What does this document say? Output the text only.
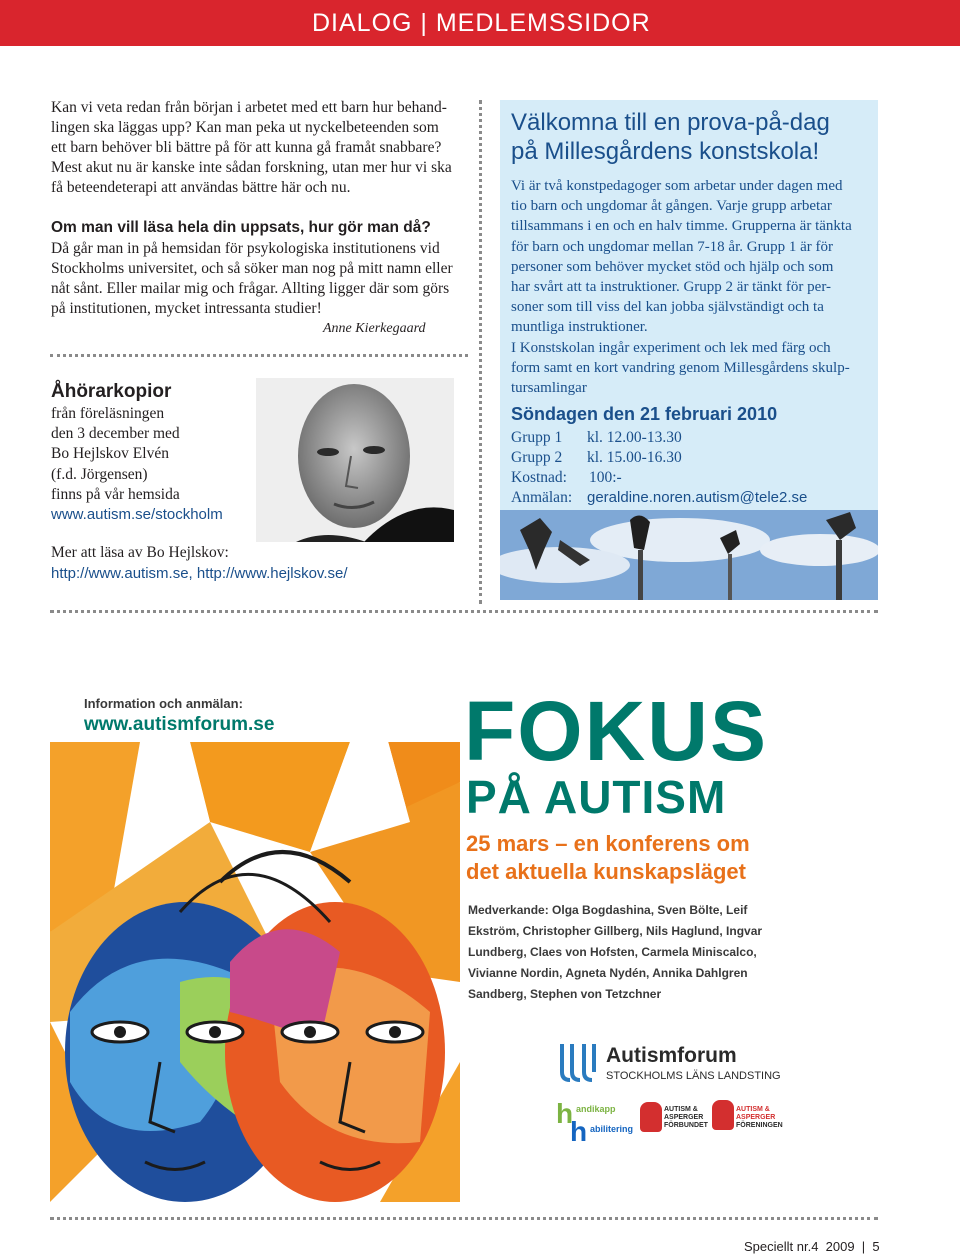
DIALOG | MEDLEMSSIDOR
Kan vi veta redan från början i arbetet med ett barn hur behand-
lingen ska läggas upp? Kan man peka ut nyckelbeteenden som
ett barn behöver bli bättre på för att kunna gå framåt snabbare?
Mest akut nu är kanske inte sådan forskning, utan mer hur vi ska
få beteendeterapi att användas bättre här och nu.
Om man vill läsa hela din uppsats, hur gör man då?
Då går man in på hemsidan för psykologiska institutionens vid
Stockholms universitet, och så söker man nog på mitt namn eller
nåt sånt. Eller mailar mig och frågar. Allting ligger där som görs
på institutionen, mycket intressanta studier!
Anne Kierkegaard
Åhörarkopior
från föreläsningen
den 3 december med
Bo Hejlskov Elvén
(f.d. Jörgensen)
finns på vår hemsida
www.autism.se/stockholm
Mer att läsa av Bo Hejlskov:
http://www.autism.se, http://www.hejlskov.se/
Välkomna till en prova-på-dag
på Millesgårdens konstskola!
Vi är två konstpedagoger som arbetar under dagen med
tio barn och ungdomar åt gången. Varje grupp arbetar
tillsammans i en och en halv timme. Grupperna är tänkta
för barn och ungdomar mellan 7-18 år. Grupp 1 är för
personer som behöver mycket stöd och hjälp och som
har svårt att ta instruktioner. Grupp 2 är tänkt för per-
soner som till viss del kan jobba självständigt och ta
muntliga instruktioner.
I Konstskolan ingår experiment och lek med färg och
form samt en kort vandring genom Millesgårdens skulp-
tursamlingar
Söndagen den 21 februari 2010
Grupp 1 kl. 12.00-13.30
Grupp 2 kl. 15.00-16.30
Kostnad: 100:-
Anmälan: geraldine.noren.autism@tele2.se
Information och anmälan:
www.autismforum.se FOKUS
PÅ AUTISM
25 mars – en konferens om
det aktuella kunskapsläget
Medverkande: Olga Bogdashina, Sven Bölte, Leif
Ekström, Christopher Gillberg, Nils Haglund, Ingvar
Lundberg, Claes von Hofsten, Carmela Miniscalco,
Vivianne Nordin, Agneta Nydén, Annika Dahlgren
Sandberg, Stephen von Tetzchner
Autismforum
STOCKHOLMS LÄNS LANDSTING
h
h
andikapp
abilitering
AUTISM &
ASPERGER
FÖRBUNDET
AUTISM &
ASPERGER
FÖRENINGEN
Speciellt nr.4  2009  |  5
